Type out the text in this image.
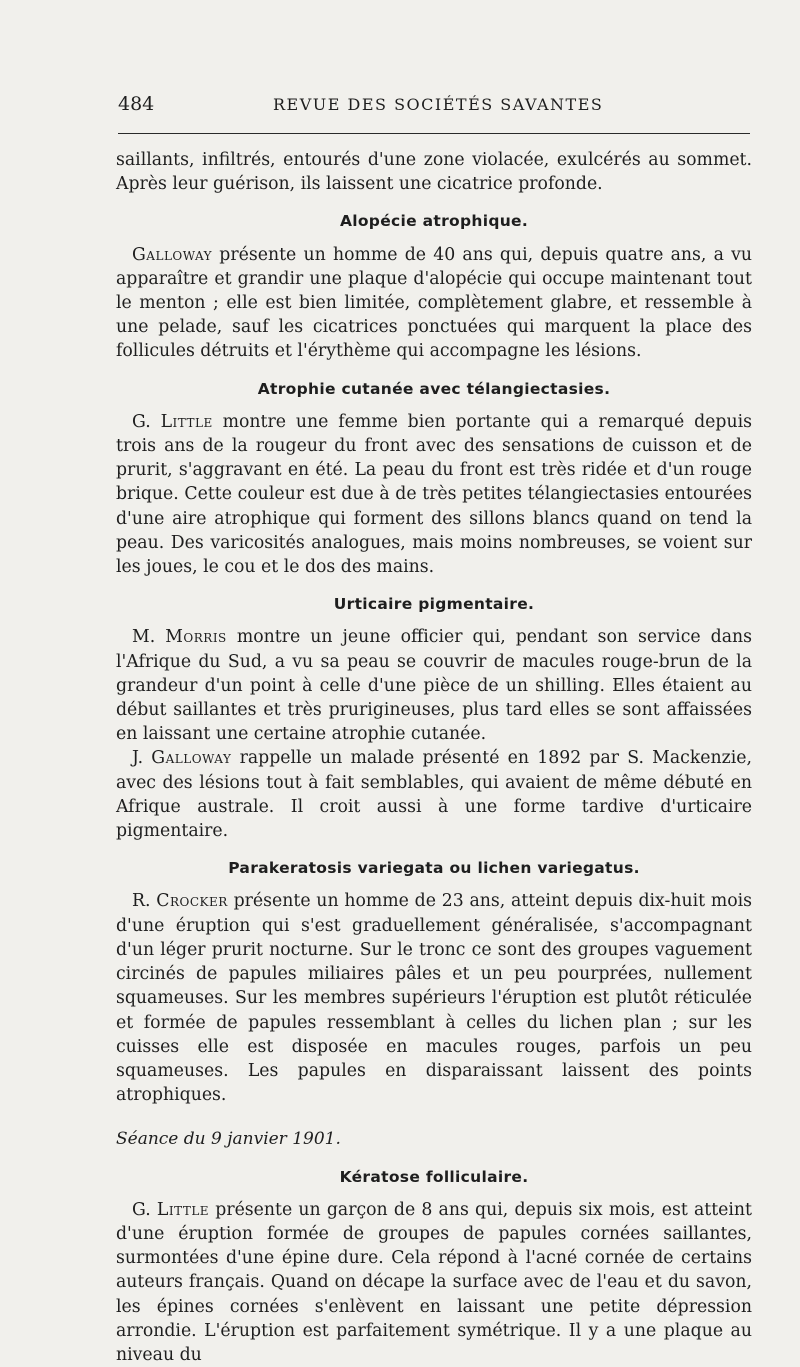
484	REVUE DES SOCIÉTÉS SAVANTES

saillants, infiltrés, entourés d'une zone violacée, exulcérés au sommet. Après leur guérison, ils laissent une cicatrice profonde.

Alopécie atrophique.

Galloway présente un homme de 40 ans qui, depuis quatre ans, a vu apparaître et grandir une plaque d'alopécie qui occupe maintenant tout le menton ; elle est bien limitée, complètement glabre, et ressemble à une pelade, sauf les cicatrices ponctuées qui marquent la place des follicules détruits et l'érythème qui accompagne les lésions.

Atrophie cutanée avec télangiectasies.

G. Little montre une femme bien portante qui a remarqué depuis trois ans de la rougeur du front avec des sensations de cuisson et de prurit, s'aggravant en été. La peau du front est très ridée et d'un rouge brique. Cette couleur est due à de très petites télangiectasies entourées d'une aire atrophique qui forment des sillons blancs quand on tend la peau. Des varicosités analogues, mais moins nombreuses, se voient sur les joues, le cou et le dos des mains.

Urticaire pigmentaire.

M. Morris montre un jeune officier qui, pendant son service dans l'Afrique du Sud, a vu sa peau se couvrir de macules rouge-brun de la grandeur d'un point à celle d'une pièce de un shilling. Elles étaient au début saillantes et très prurigineuses, plus tard elles se sont affaissées en laissant une certaine atrophie cutanée.

J. Galloway rappelle un malade présenté en 1892 par S. Mackenzie, avec des lésions tout à fait semblables, qui avaient de même débuté en Afrique australe. Il croit aussi à une forme tardive d'urticaire pigmentaire.

Parakeratosis variegata ou lichen variegatus.

R. Crocker présente un homme de 23 ans, atteint depuis dix-huit mois d'une éruption qui s'est graduellement généralisée, s'accompagnant d'un léger prurit nocturne. Sur le tronc ce sont des groupes vaguement circinés de papules miliaires pâles et un peu pourprées, nullement squameuses. Sur les membres supérieurs l'éruption est plutôt réticulée et formée de papules ressemblant à celles du lichen plan ; sur les cuisses elle est disposée en macules rouges, parfois un peu squameuses. Les papules en disparaissant laissent des points atrophiques.

Séance du 9 janvier 1901.

Kératose folliculaire.

G. Little présente un garçon de 8 ans qui, depuis six mois, est atteint d'une éruption formée de groupes de papules cornées saillantes, surmontées d'une épine dure. Cela répond à l'acné cornée de certains auteurs français. Quand on décape la surface avec de l'eau et du savon, les épines cornées s'enlèvent en laissant une petite dépression arrondie. L'éruption est parfaitement symétrique. Il y a une plaque au niveau du
